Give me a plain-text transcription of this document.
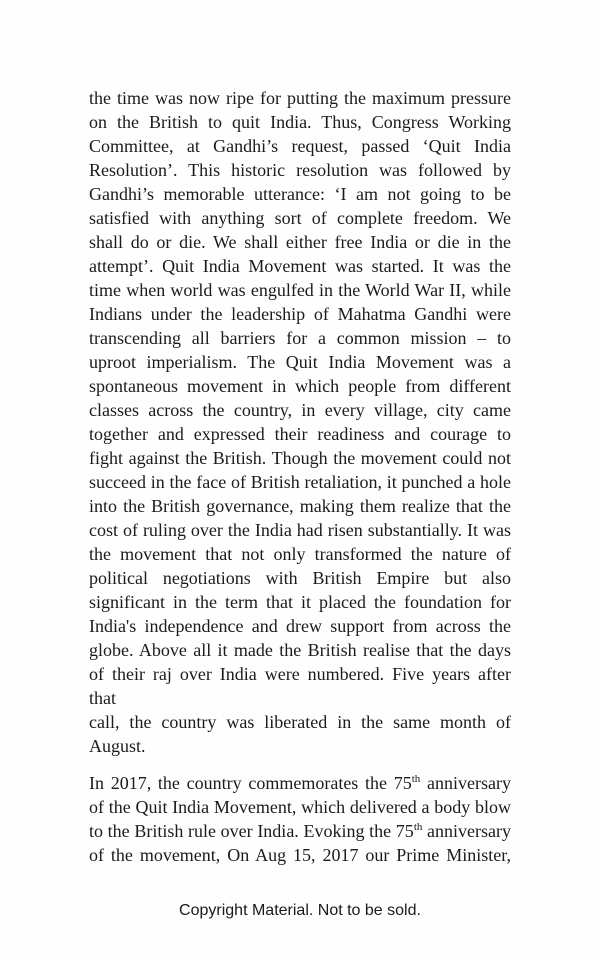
the time was now ripe for putting the maximum pressure
on the British to quit India. Thus, Congress Working
Committee, at Gandhi’s request, passed ‘Quit India
Resolution’. This historic resolution was followed by
Gandhi’s memorable utterance: ‘I am not going to be
satisfied with anything sort of complete freedom. We
shall do or die. We shall either free India or die in the
attempt’. Quit India Movement was started. It was the
time when world was engulfed in the World War II, while
Indians under the leadership of Mahatma Gandhi were
transcending all barriers for a common mission – to
uproot imperialism. The Quit India Movement was a
spontaneous movement in which people from different
classes across the country, in every village, city came
together and expressed their readiness and courage to
fight against the British. Though the movement could not
succeed in the face of British retaliation, it punched a hole
into the British governance, making them realize that the
cost of ruling over the India had risen substantially. It was
the movement that not only transformed the nature of
political negotiations with British Empire but also
significant in the term that it placed the foundation for
India's independence and drew support from across the
globe. Above all it made the British realise that the days
of their raj over India were numbered. Five years after that
call, the country was liberated in the same month of
August.
In 2017, the country commemorates the 75th anniversary
of the Quit India Movement, which delivered a body blow
to the British rule over India. Evoking the 75th anniversary
of the movement, On Aug 15, 2017 our Prime Minister,
Copyright Material. Not to be sold.
